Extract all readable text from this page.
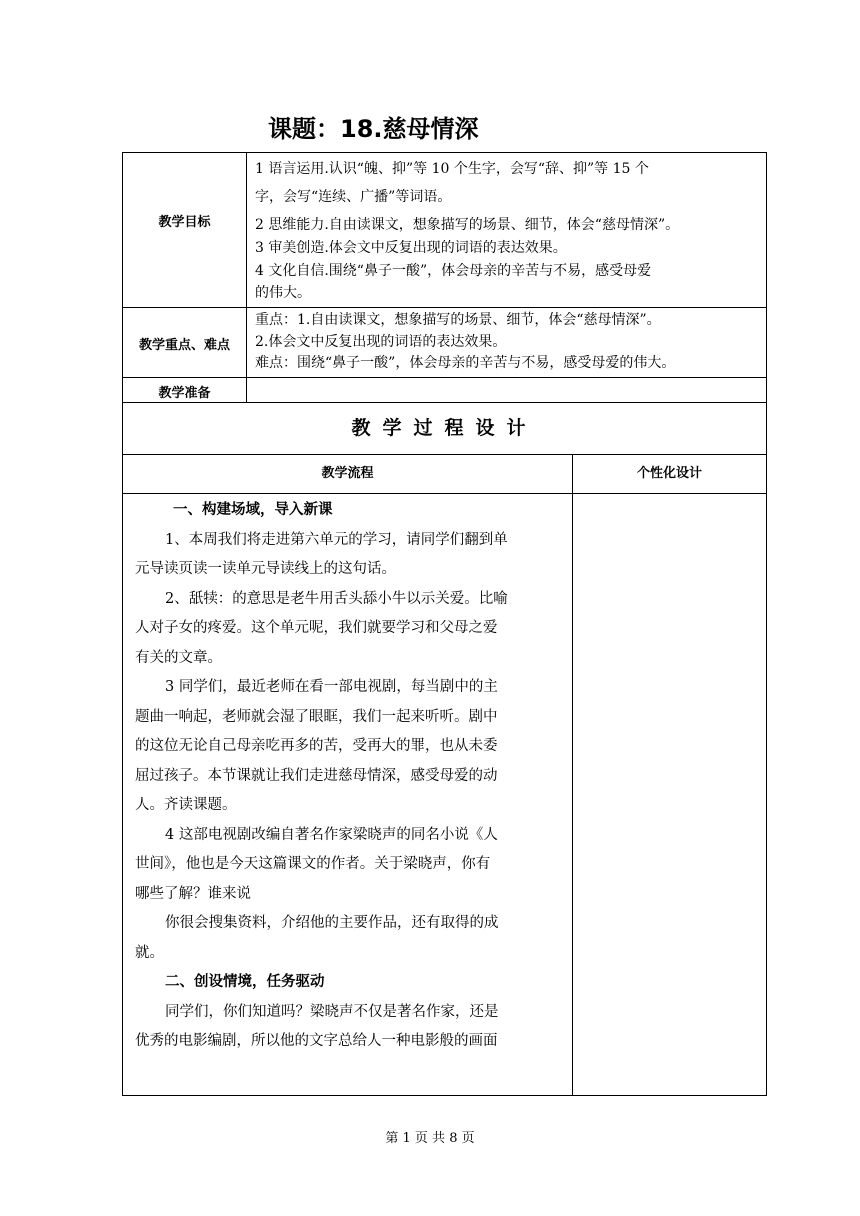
课题：18.慈母情深
教学目标
1 语言运用.认识“魄、抑”等 10 个生字，会写“辞、抑”等 15 个
字，会写“连续、广播”等词语。
2 思维能力.自由读课文，想象描写的场景、细节，体会“慈母情深”。
3 审美创造.体会文中反复出现的词语的表达效果。
4 文化自信.围绕“鼻子一酸”，体会母亲的辛苦与不易，感受母爱
的伟大。
教学重点、难点
重点：1.自由读课文，想象描写的场景、细节，体会“慈母情深”。
2.体会文中反复出现的词语的表达效果。
难点：围绕“鼻子一酸”，体会母亲的辛苦与不易，感受母爱的伟大。
教学准备
教学过程设计
教学流程	个性化设计
一、构建场域，导入新课
1、本周我们将走进第六单元的学习，请同学们翻到单
元导读页读一读单元导读线上的这句话。
2、舐犊：的意思是老牛用舌头舔小牛以示关爱。比喻
人对子女的疼爱。这个单元呢，我们就要学习和父母之爱
有关的文章。
3 同学们，最近老师在看一部电视剧，每当剧中的主
题曲一响起，老师就会湿了眼眶，我们一起来听听。剧中
的这位无论自己母亲吃再多的苦，受再大的罪，也从未委
屈过孩子。本节课就让我们走进慈母情深，感受母爱的动
人。齐读课题。
4 这部电视剧改编自著名作家梁晓声的同名小说《人
世间》，他也是今天这篇课文的作者。关于梁晓声，你有
哪些了解？谁来说
你很会搜集资料，介绍他的主要作品，还有取得的成
就。
二、创设情境，任务驱动
同学们，你们知道吗？梁晓声不仅是著名作家，还是
优秀的电影编剧，所以他的文字总给人一种电影般的画面
第 1 页 共 8 页
